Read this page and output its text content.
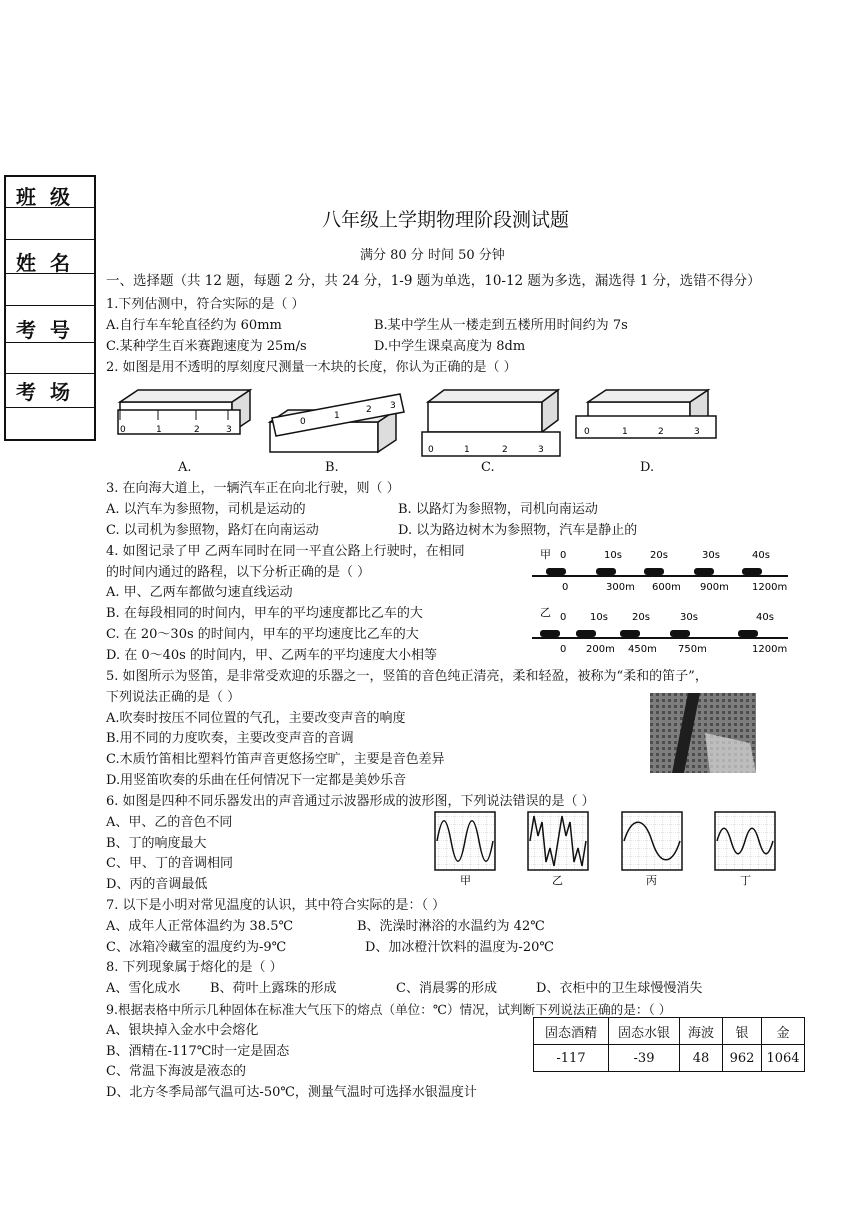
班级
姓名
考号
考场
八年级上学期物理阶段测试题
满分 80 分 时间 50 分钟
一、选择题（共 12 题，每题 2 分，共 24 分，1-9 题为单选，10-12 题为多选，漏选得 1 分，选错不得分）
1.下列估测中，符合实际的是（ ）
A.自行车车轮直径约为 60mm	B.某中学生从一楼走到五楼所用时间约为 7s
C.某种学生百米赛跑速度为 25m/s	D.中学生课桌高度为 8dm
2. 如图是用不透明的厚刻度尺测量一木块的长度，你认为正确的是（ ）
0	1	2	3
0
1
2 3
0	1	2	3
0	1	2	3
A.	B.	C.	D.
3. 在向海大道上，一辆汽车正在向北行驶，则（ ）
A. 以汽车为参照物，司机是运动的	B. 以路灯为参照物，司机向南运动
C. 以司机为参照物，路灯在向南运动	D. 以为路边树木为参照物，汽车是静止的
4. 如图记录了甲 乙两车同时在同一平直公路上行驶时，在相同
的时间内通过的路程，以下分析正确的是（ ）
A. 甲、乙两车都做匀速直线运动
B. 在每段相同的时间内，甲车的平均速度都比乙车的大
C. 在 20～30s 的时间内，甲车的平均速度比乙车的大
D. 在 0～40s 的时间内，甲、乙两车的平均速度大小相等
甲 0	10s	20s	30s	40s
0	300m 600m 900m 1200m
乙 0 10s 20s	30s	40s
0 200m 450m 750m	1200m
5. 如图所示为竖笛，是非常受欢迎的乐器之一，竖笛的音色纯正清亮，柔和轻盈，被称为“柔和的笛子”，
下列说法正确的是（ ）
A.吹奏时按压不同位置的气孔，主要改变声音的响度
B.用不同的力度吹奏，主要改变声音的音调
C.木质竹笛相比塑料竹笛声音更悠扬空旷，主要是音色差异
D.用竖笛吹奏的乐曲在任何情况下一定都是美妙乐音
6. 如图是四种不同乐器发出的声音通过示波器形成的波形图，下列说法错误的是（ ）
A、甲、乙的音色不同
B、丁的响度最大
C、甲、丁的音调相同
D、丙的音调最低	甲	乙	丙	丁
7. 以下是小明对常见温度的认识，其中符合实际的是：（ ）
A、成年人正常体温约为 38.5℃	B、洗澡时淋浴的水温约为 42℃
C、冰箱冷藏室的温度约为-9℃	D、加冰橙汁饮料的温度为-20℃
8. 下列现象属于熔化的是（ ）
A、雪化成水 B、荷叶上露珠的形成	C、消晨雾的形成	D、衣柜中的卫生球慢慢消失
9.根据表格中所示几种固体在标准大气压下的熔点（单位：℃）情况，试判断下列说法正确的是：（ ）
A、银块掉入金水中会熔化
B、酒精在-117℃时一定是固态
C、常温下海波是液态的
D、北方冬季局部气温可达-50℃，测量气温时可选择水银温度计
固态酒精	固态水银	海波	银	金
-117	-39	48	962	1064
